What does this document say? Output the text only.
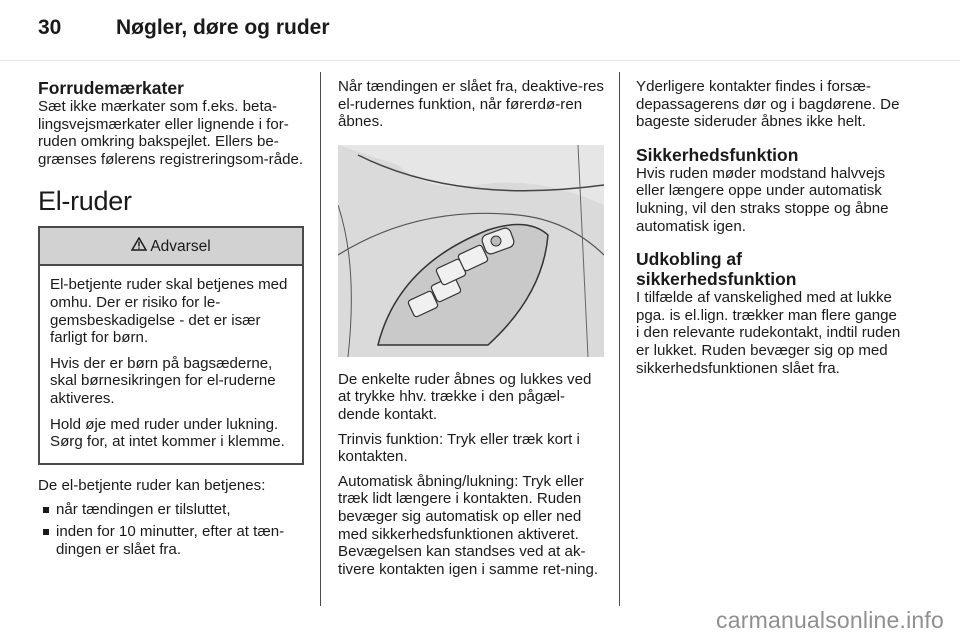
30	Nøgler, døre og ruder
Forrudemærkater

Sæt ikke mærkater som f.eks. beta-lingsvejsmærkater eller lignende i for-ruden omkring bakspejlet. Ellers be-grænses følerens registreringsom-råde.

El-ruder
Advarsel

El-betjente ruder skal betjenes med omhu. Der er risiko for le-gemsbeskadigelse - det er især farligt for børn.

Hvis der er børn på bagsæderne, skal børnesikringen for el-ruderne aktiveres.

Hold øje med ruder under lukning. Sørg for, at intet kommer i klemme.

De el-betjente ruder kan betjenes:

når tændingen er tilsluttet,
inden for 10 minutter, efter at tæn-dingen er slået fra.

Når tændingen er slået fra, deaktive-res el-rudernes funktion, når førerdø-ren åbnes.

De enkelte ruder åbnes og lukkes ved at trykke hhv. trække i den pågæl-dende kontakt.

Trinvis funktion: Tryk eller træk kort i kontakten.

Automatisk åbning/lukning: Tryk eller træk lidt længere i kontakten. Ruden bevæger sig automatisk op eller ned med sikkerhedsfunktionen aktiveret. Bevægelsen kan standses ved at ak-tivere kontakten igen i samme ret-ning.

Yderligere kontakter findes i forsæ-depassagerens dør og i bagdørene. De bageste sideruder åbnes ikke helt.

Sikkerhedsfunktion

Hvis ruden møder modstand halvvejs eller længere oppe under automatisk lukning, vil den straks stoppe og åbne automatisk igen.

Udkobling af sikkerhedsfunktion

I tilfælde af vanskelighed med at lukke pga. is el.lign. trækker man flere gange i den relevante rudekontakt, indtil ruden er lukket. Ruden bevæger sig op med sikkerhedsfunktionen slået fra.

carmanualsonline.info
